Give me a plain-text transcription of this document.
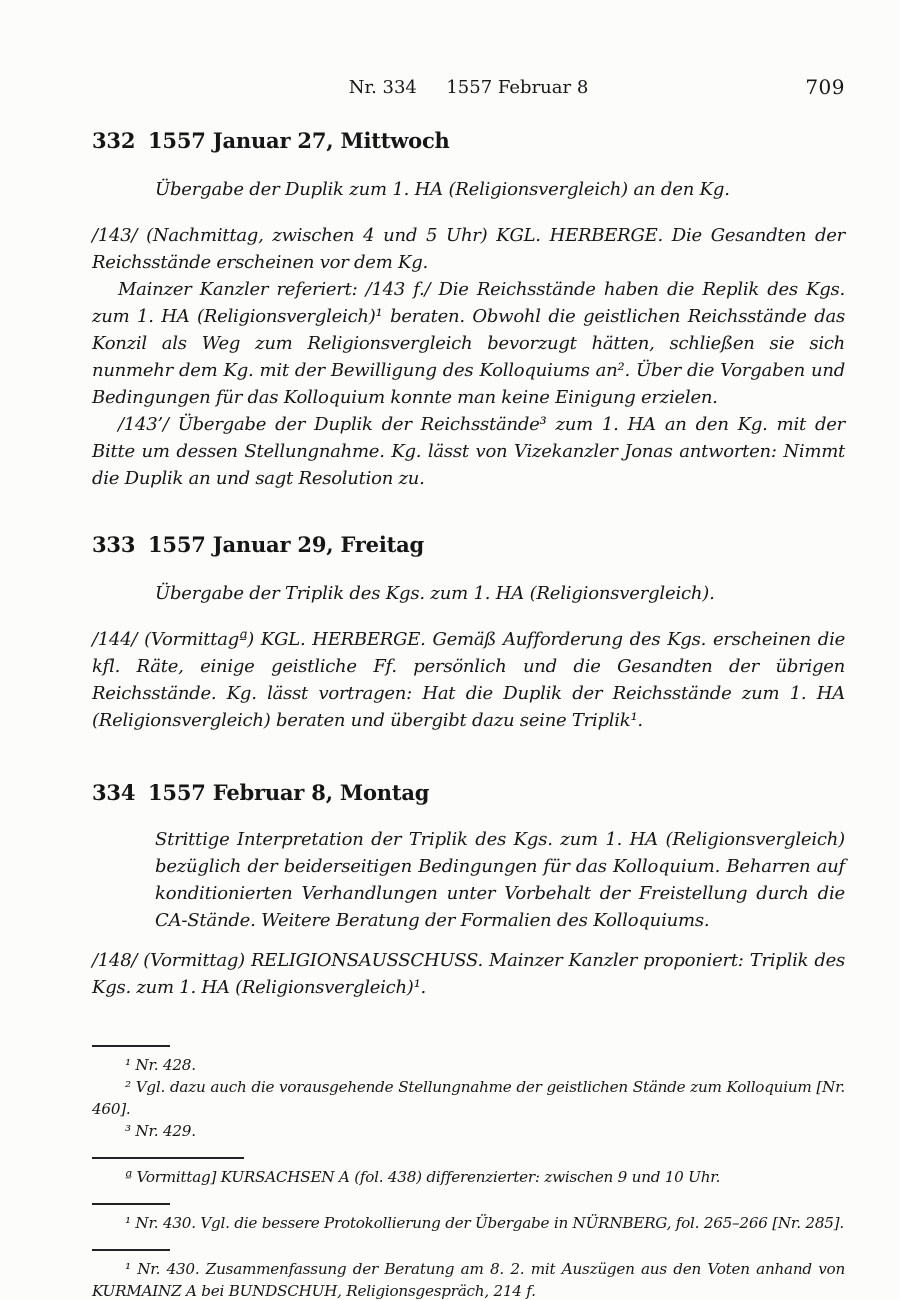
Nr. 334 1557 Februar 8	709
332 1557 Januar 27, Mittwoch

Übergabe der Duplik zum 1. HA (Religionsvergleich) an den Kg.

/143/ (Nachmittag, zwischen 4 und 5 Uhr) KGL. HERBERGE. Die Gesandten der Reichsstände erscheinen vor dem Kg.

Mainzer Kanzler referiert: /143 f./ Die Reichsstände haben die Replik des Kgs. zum 1. HA (Religionsvergleich)¹ beraten. Obwohl die geistlichen Reichsstände das Konzil als Weg zum Religionsvergleich bevorzugt hätten, schließen sie sich nunmehr dem Kg. mit der Bewilligung des Kolloquiums an². Über die Vorgaben und Bedingungen für das Kolloquium konnte man keine Einigung erzielen.

/143’/ Übergabe der Duplik der Reichsstände³ zum 1. HA an den Kg. mit der Bitte um dessen Stellungnahme. Kg. lässt von Vizekanzler Jonas antworten: Nimmt die Duplik an und sagt Resolution zu.

333 1557 Januar 29, Freitag

Übergabe der Triplik des Kgs. zum 1. HA (Religionsvergleich).

/144/ (Vormittagª) KGL. HERBERGE. Gemäß Aufforderung des Kgs. erscheinen die kfl. Räte, einige geistliche Ff. persönlich und die Gesandten der übrigen Reichsstände. Kg. lässt vortragen: Hat die Duplik der Reichsstände zum 1. HA (Religionsvergleich) beraten und übergibt dazu seine Triplik¹.

334 1557 Februar 8, Montag

Strittige Interpretation der Triplik des Kgs. zum 1. HA (Religionsvergleich) bezüglich der beiderseitigen Bedingungen für das Kolloquium. Beharren auf konditionierten Verhandlungen unter Vorbehalt der Freistellung durch die CA-Stände. Weitere Beratung der Formalien des Kolloquiums.

/148/ (Vormittag) RELIGIONSAUSSCHUSS. Mainzer Kanzler proponiert: Triplik des Kgs. zum 1. HA (Religionsvergleich)¹.

¹ Nr. 428.

² Vgl. dazu auch die vorausgehende Stellungnahme der geistlichen Stände zum Kolloquium [Nr. 460].

³ Nr. 429.

ª Vormittag] KURSACHSEN A (fol. 438) differenzierter: zwischen 9 und 10 Uhr.

¹ Nr. 430. Vgl. die bessere Protokollierung der Übergabe in NÜRNBERG, fol. 265–266 [Nr. 285].

¹ Nr. 430. Zusammenfassung der Beratung am 8. 2. mit Auszügen aus den Voten anhand von KURMAINZ A bei BUNDSCHUH, Religionsgespräch, 214 f.
